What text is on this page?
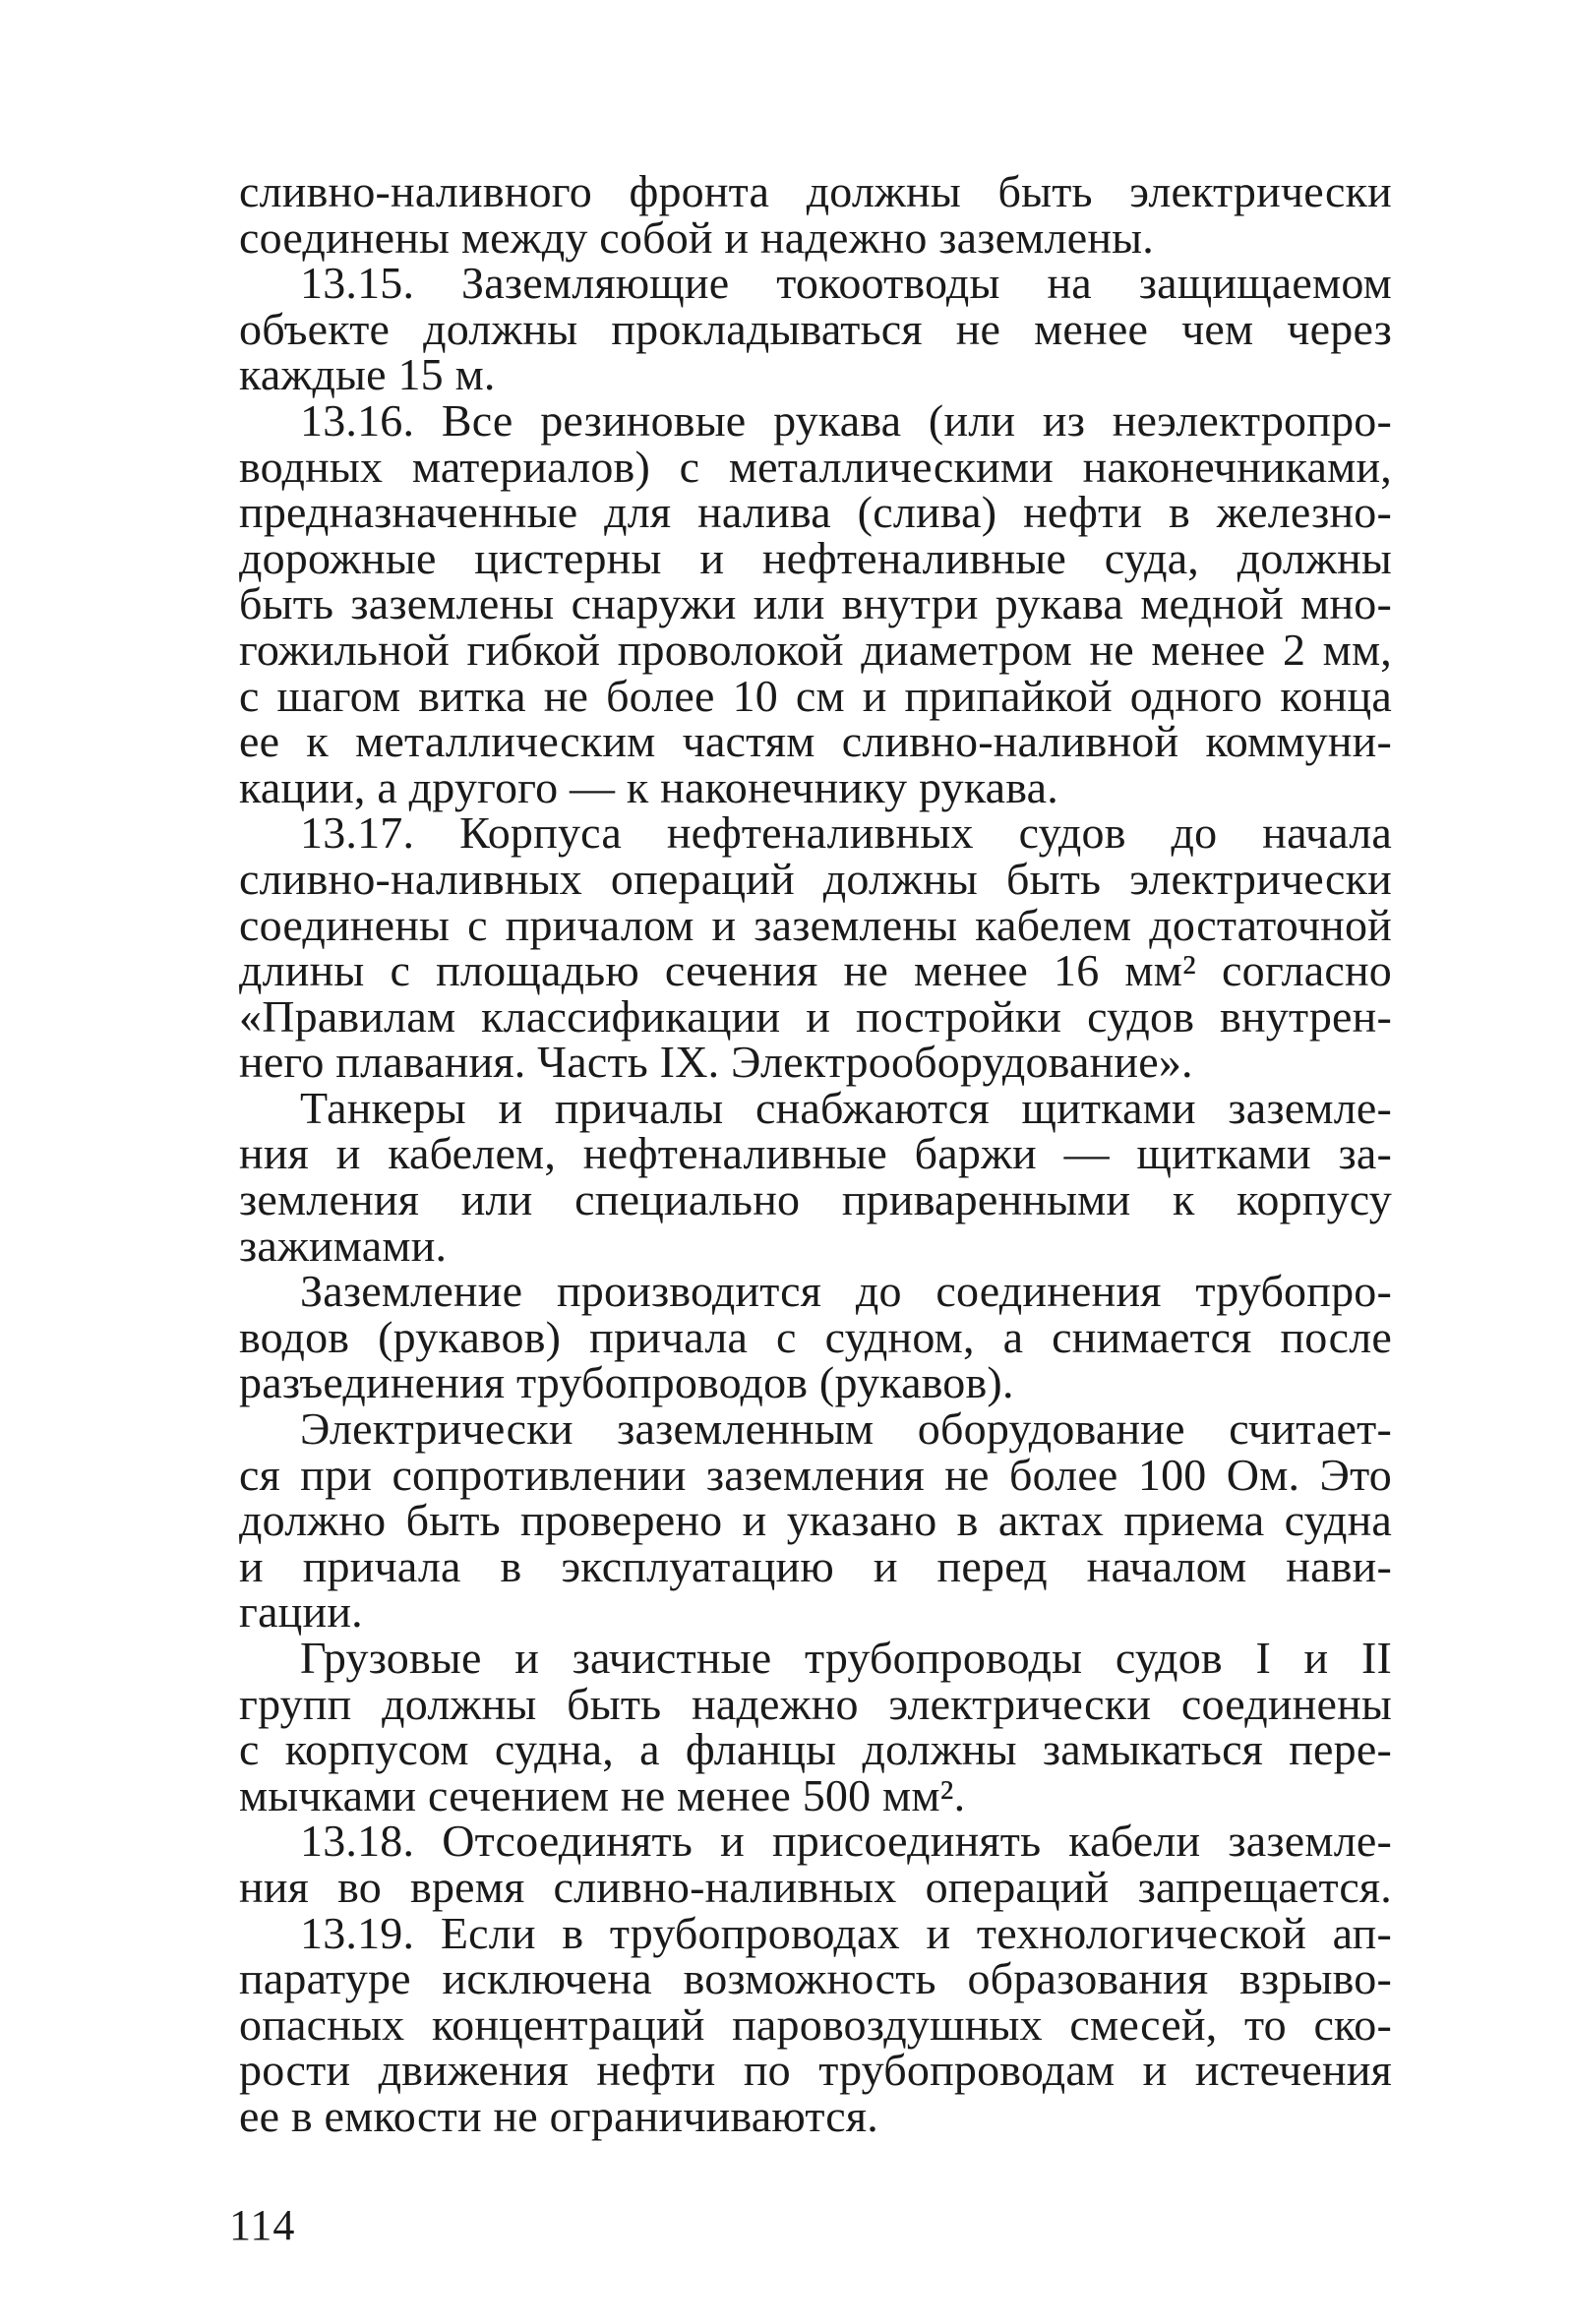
сливно-наливного фронта должны быть электрически
соединены между собой и надежно заземлены.
13.15. Заземляющие токоотводы на защищаемом
объекте должны прокладываться не менее чем через
каждые 15 м.
13.16. Все резиновые рукава (или из неэлектропро-
водных материалов) с металлическими наконечниками,
предназначенные для налива (слива) нефти в железно-
дорожные цистерны и нефтеналивные суда, должны
быть заземлены снаружи или внутри рукава медной мно-
гожильной гибкой проволокой диаметром не менее 2 мм,
с шагом витка не более 10 см и припайкой одного конца
ее к металлическим частям сливно-наливной коммуни-
кации, а другого — к наконечнику рукава.
13.17. Корпуса нефтеналивных судов до начала
сливно-наливных операций должны быть электрически
соединены с причалом и заземлены кабелем достаточной
длины с площадью сечения не менее 16 мм² согласно
«Правилам классификации и постройки судов внутрен-
него плавания. Часть IX. Электрооборудование».
Танкеры и причалы снабжаются щитками заземле-
ния и кабелем, нефтеналивные баржи — щитками за-
земления или специально приваренными к корпусу
зажимами.
Заземление производится до соединения трубопро-
водов (рукавов) причала с судном, а снимается после
разъединения трубопроводов (рукавов).
Электрически заземленным оборудование считает-
ся при сопротивлении заземления не более 100 Ом. Это
должно быть проверено и указано в актах приема судна
и причала в эксплуатацию и перед началом нави-
гации.
Грузовые и зачистные трубопроводы судов I и II
групп должны быть надежно электрически соединены
с корпусом судна, а фланцы должны замыкаться пере-
мычками сечением не менее 500 мм².
13.18. Отсоединять и присоединять кабели заземле-
ния во время сливно-наливных операций запрещается.
13.19. Если в трубопроводах и технологической ап-
паратуре исключена возможность образования взрыво-
опасных концентраций паровоздушных смесей, то ско-
рости движения нефти по трубопроводам и истечения
ее в емкости не ограничиваются.
114
